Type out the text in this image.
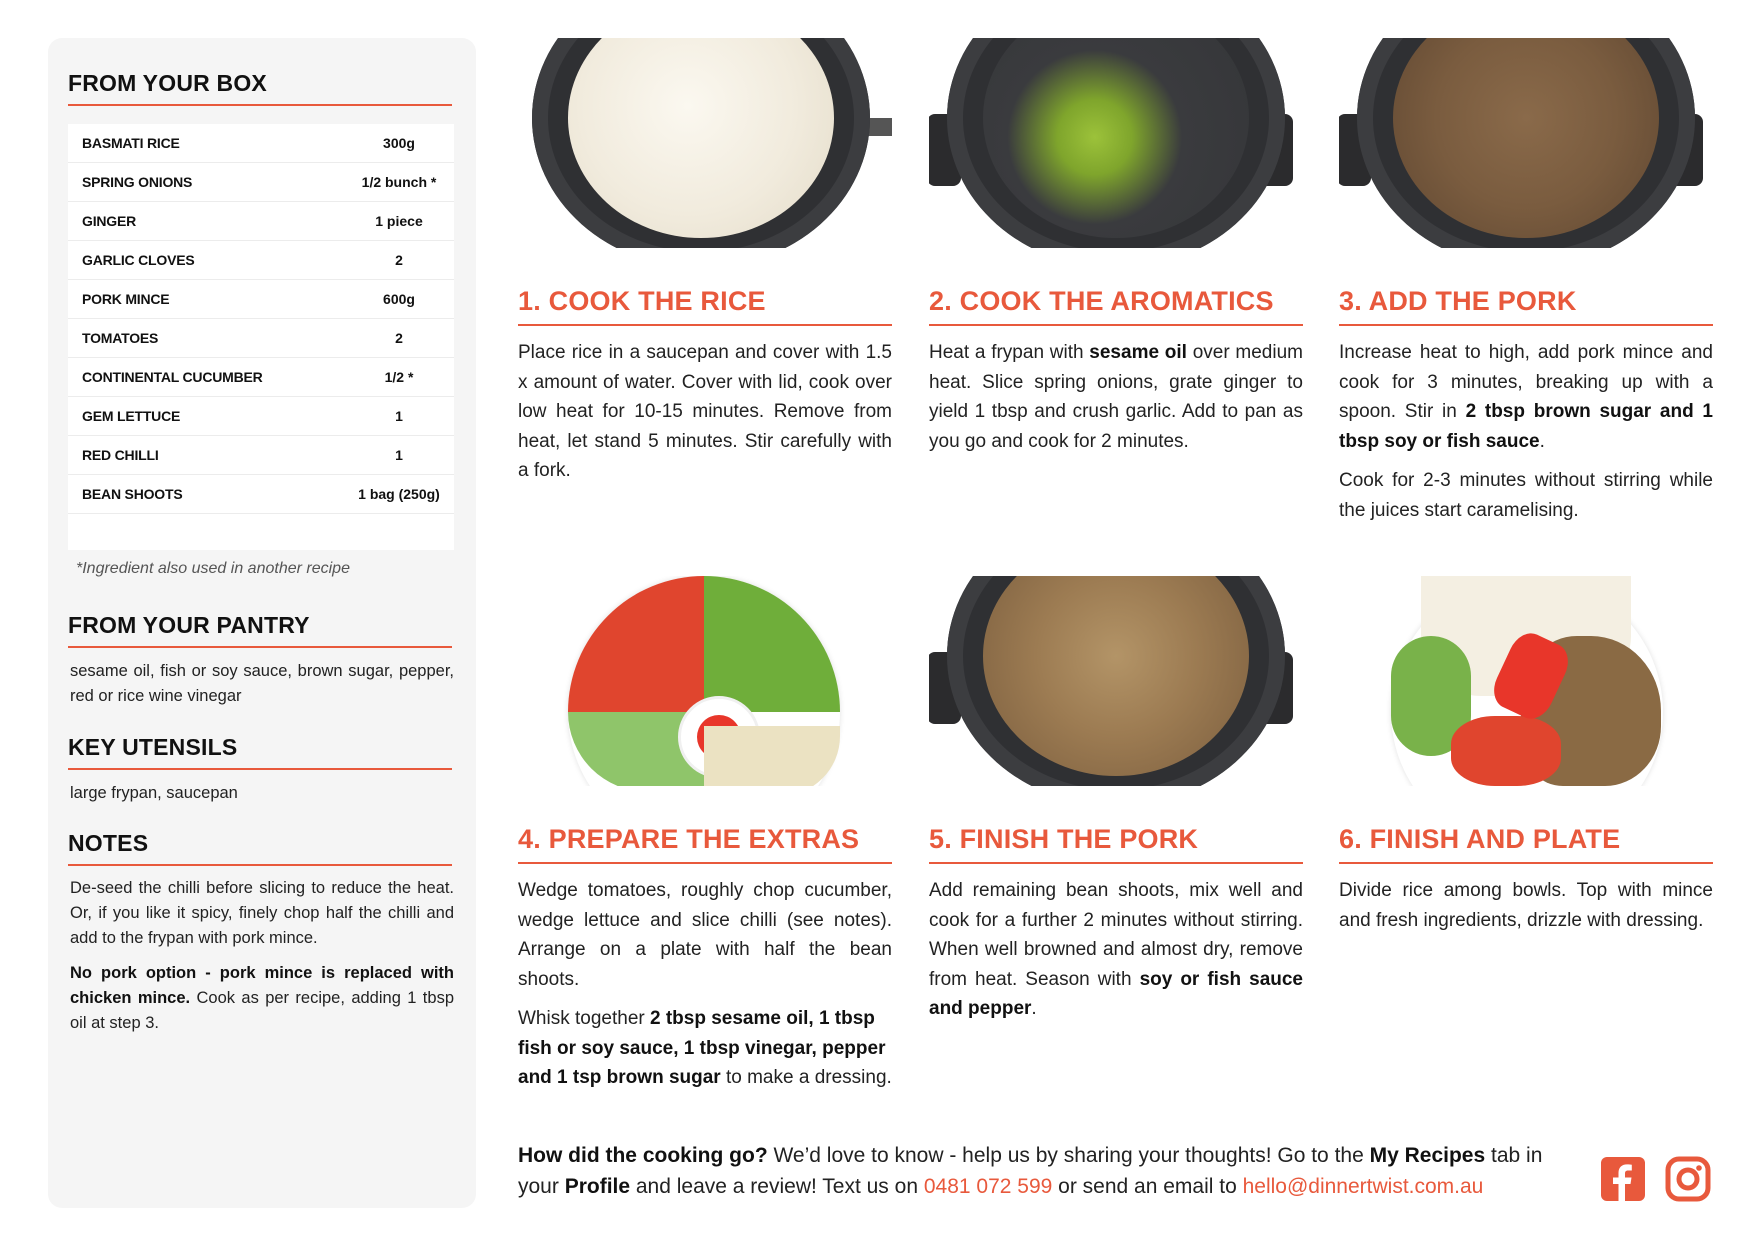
FROM YOUR BOX
BASMATI RICE	300g
SPRING ONIONS	1/2 bunch *
GINGER	1 piece
GARLIC CLOVES	2
PORK MINCE	600g
TOMATOES	2
CONTINENTAL CUCUMBER	1/2 *
GEM LETTUCE	1
RED CHILLI	1
BEAN SHOOTS	1 bag (250g)
*Ingredient also used in another recipe
FROM YOUR PANTRY

sesame oil, fish or soy sauce, brown sugar, pepper, red or rice wine vinegar

KEY UTENSILS

large frypan, saucepan

NOTES

De-seed the chilli before slicing to reduce the heat. Or, if you like it spicy, finely chop half the chilli and add to the frypan with pork mince.

No pork option - pork mince is replaced with chicken mince. Cook as per recipe, adding 1 tbsp oil at step 3.

1. COOK THE RICE

Place rice in a saucepan and cover with 1.5 x amount of water. Cover with lid, cook over low heat for 10-15 minutes. Remove from heat, let stand 5 minutes. Stir carefully with a fork.

2. COOK THE AROMATICS

Heat a frypan with sesame oil over medium heat. Slice spring onions, grate ginger to yield 1 tbsp and crush garlic. Add to pan as you go and cook for 2 minutes.

3. ADD THE PORK

Increase heat to high, add pork mince and cook for 3 minutes, breaking up with a spoon. Stir in 2 tbsp brown sugar and 1 tbsp soy or fish sauce.

Cook for 2-3 minutes without stirring while the juices start caramelising.

4. PREPARE THE EXTRAS

Wedge tomatoes, roughly chop cucumber, wedge lettuce and slice chilli (see notes). Arrange on a plate with half the bean shoots.

Whisk together 2 tbsp sesame oil, 1 tbsp fish or soy sauce, 1 tbsp vinegar, pepper and 1 tsp brown sugar to make a dressing.

5. FINISH THE PORK

Add remaining bean shoots, mix well and cook for a further 2 minutes without stirring. When well browned and almost dry, remove from heat. Season with soy or fish sauce and pepper.

6. FINISH AND PLATE

Divide rice among bowls. Top with mince and fresh ingredients, drizzle with dressing.

How did the cooking go? We’d love to know - help us by sharing your thoughts! Go to the My Recipes tab in your Profile and leave a review! Text us on 0481 072 599 or send an email to hello@dinnertwist.com.au
